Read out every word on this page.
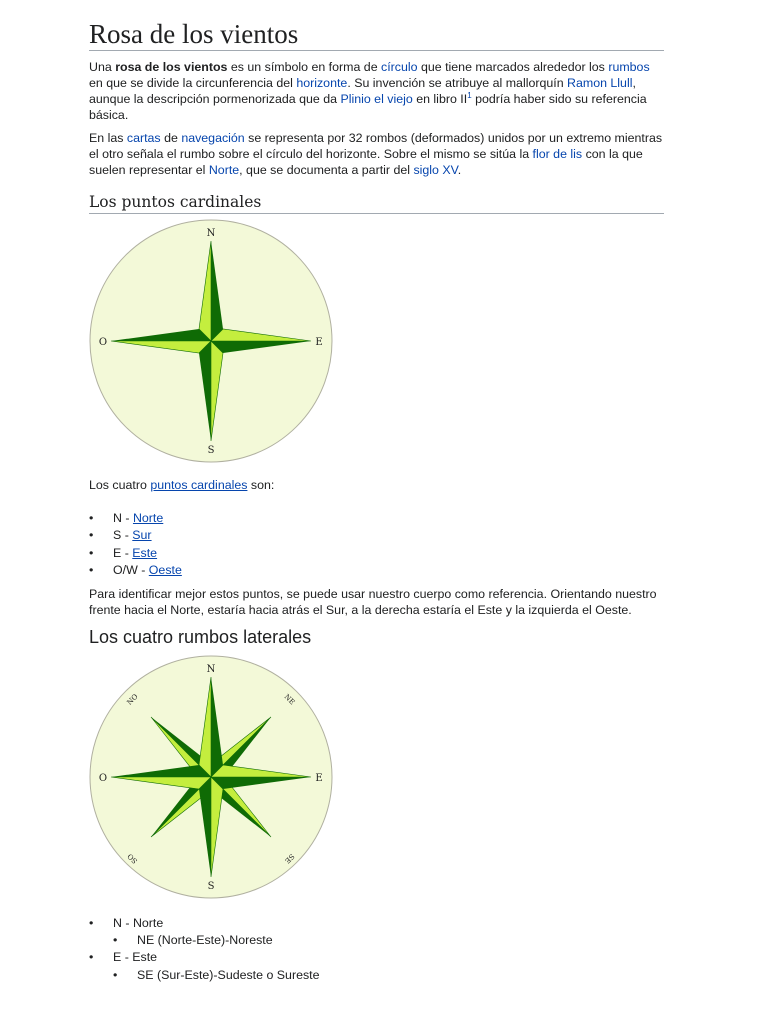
Rosa de los vientos

Una rosa de los vientos es un símbolo en forma de círculo que tiene marcados alrededor los rumbos en que se divide la circunferencia del horizonte. Su invención se atribuye al mallorquín Ramon Llull, aunque la descripción pormenorizada que da Plinio el viejo en libro $II^1$ podría haber sido su referencia básica.

En las cartas de navegación se representa por 32 rombos (deformados) unidos por un extremo mientras el otro señala el rumbo sobre el círculo del horizonte. Sobre el mismo se sitúa la flor de lis con la que suelen representar el Norte, que se documenta a partir del siglo XV.

Los puntos cardinales
N
S
E
O

Los cuatro puntos cardinales son:

• N - Norte
• S - Sur
• E - Este
• O/W - Oeste

Para identificar mejor estos puntos, se puede usar nuestro cuerpo como referencia. Orientando nuestro frente hacia el Norte, estaría hacia atrás el Sur, a la derecha estaría el Este y la izquierda el Oeste.

Los cuatro rumbos laterales
N
S
E
O
NE
SE
SO
NO
• N - Norte
• NE (Norte-Este)-Noreste
• E - Este
• SE (Sur-Este)-Sudeste o Sureste
